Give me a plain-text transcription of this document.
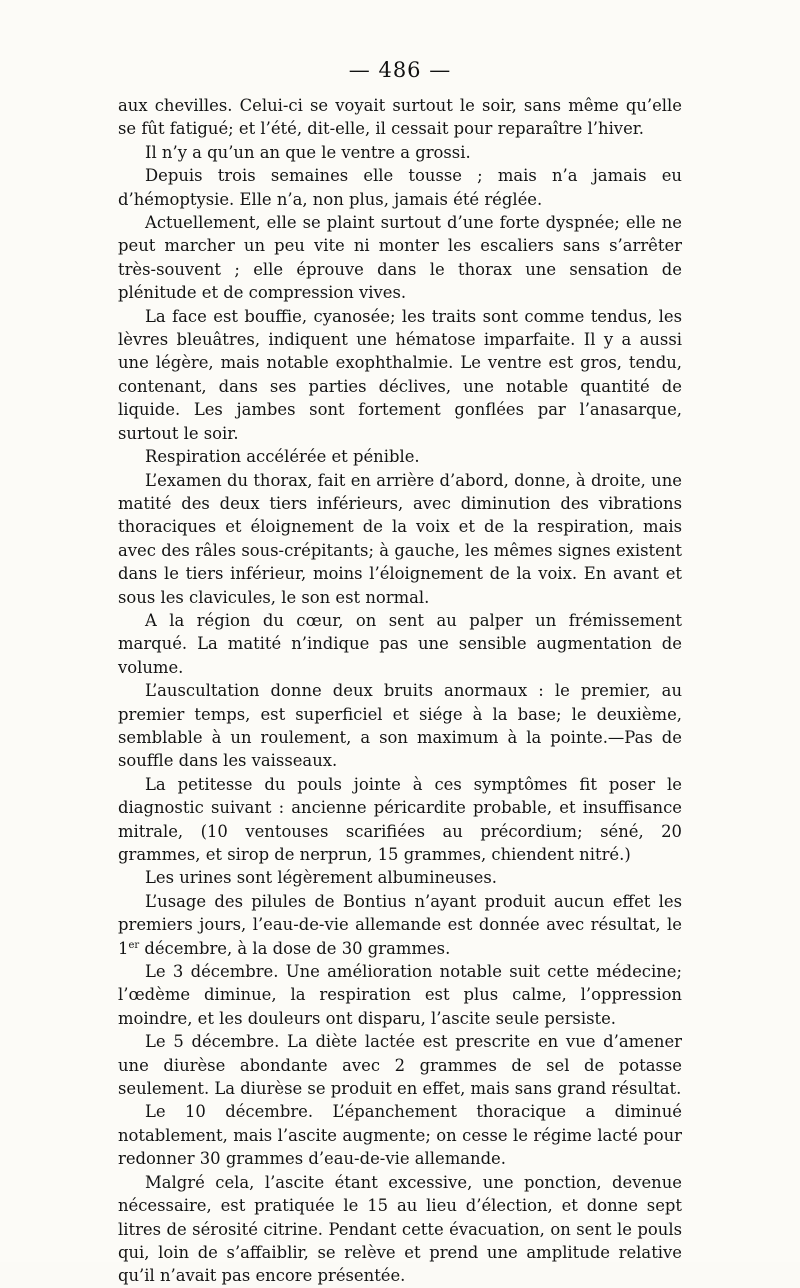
— 486 —

aux chevilles. Celui-ci se voyait surtout le soir, sans même qu’elle se fût fatigué; et l’été, dit-elle, il cessait pour reparaître l’hiver.

Il n’y a qu’un an que le ventre a grossi.

Depuis trois semaines elle tousse ; mais n’a jamais eu d’hémoptysie. Elle n’a, non plus, jamais été réglée.

Actuellement, elle se plaint surtout d’une forte dyspnée; elle ne peut marcher un peu vite ni monter les escaliers sans s’arrêter très-souvent ; elle éprouve dans le thorax une sensation de plénitude et de compression vives.

La face est bouffie, cyanosée; les traits sont comme tendus, les lèvres bleuâtres, indiquent une hématose imparfaite. Il y a aussi une légère, mais notable exophthalmie. Le ventre est gros, tendu, contenant, dans ses parties déclives, une notable quantité de liquide. Les jambes sont fortement gonflées par l’anasarque, surtout le soir.

Respiration accélérée et pénible.

L’examen du thorax, fait en arrière d’abord, donne, à droite, une matité des deux tiers inférieurs, avec diminution des vibrations thoraciques et éloignement de la voix et de la respiration, mais avec des râles sous-crépitants; à gauche, les mêmes signes existent dans le tiers inférieur, moins l’éloignement de la voix. En avant et sous les clavicules, le son est normal.

A la région du cœur, on sent au palper un frémissement marqué. La matité n’indique pas une sensible augmentation de volume.

L’auscultation donne deux bruits anormaux : le premier, au premier temps, est superficiel et siége à la base; le deuxième, semblable à un roulement, a son maximum à la pointe.—Pas de souffle dans les vaisseaux.

La petitesse du pouls jointe à ces symptômes fit poser le diagnostic suivant : ancienne péricardite probable, et insuffisance mitrale, (10 ventouses scarifiées au précordium; séné, 20 grammes, et sirop de nerprun, 15 grammes, chiendent nitré.)

Les urines sont légèrement albumineuses.

L’usage des pilules de Bontius n’ayant produit aucun effet les premiers jours, l’eau-de-vie allemande est donnée avec résultat, le 1er décembre, à la dose de 30 grammes.

Le 3 décembre. Une amélioration notable suit cette médecine; l’œdème diminue, la respiration est plus calme, l’oppression moindre, et les douleurs ont disparu, l’ascite seule persiste.

Le 5 décembre. La diète lactée est prescrite en vue d’amener une diurèse abondante avec 2 grammes de sel de potasse seulement. La diurèse se produit en effet, mais sans grand résultat.

Le 10 décembre. L’épanchement thoracique a diminué notablement, mais l’ascite augmente; on cesse le régime lacté pour redonner 30 grammes d’eau-de-vie allemande.

Malgré cela, l’ascite étant excessive, une ponction, devenue nécessaire, est pratiquée le 15 au lieu d’élection, et donne sept litres de sérosité citrine. Pendant cette évacuation, on sent le pouls qui, loin de s’affaiblir, se relève et prend une amplitude relative qu’il n’avait pas encore présentée.
